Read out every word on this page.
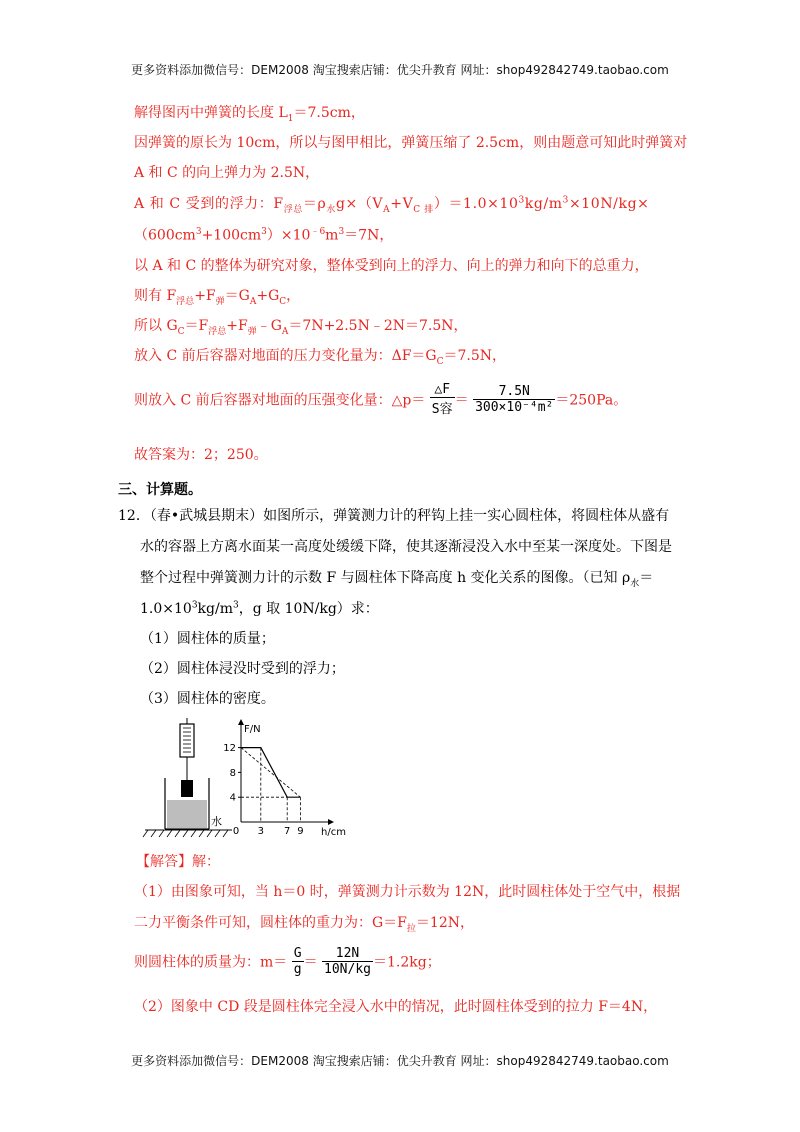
更多资料添加微信号：DEM2008 淘宝搜索店铺：优尖升教育 网址：shop492842749.taobao.com
解得图丙中弹簧的长度 $L_1=7.5cm$，
因弹簧的原长为 10cm，所以与图甲相比，弹簧压缩了 2.5cm，则由题意可知此时弹簧对
A 和 C 的向上弹力为 2.5N，
A 和 C 受到的浮力：$F_{浮总}=\rho_水g\times(V_A+V_{C 排})=1.0\times 10^3kg/m^3\times 10N/kg\times$
$(600cm^3+100cm^3)\times 10^{﹣6}m^3=7N$，
以 A 和 C 的整体为研究对象，整体受到向上的浮力、向上的弹力和向下的总重力，
则有 $F_{浮总}+F_弹=G_A+G_C$，
所以 $G_C=F_{浮总}+F_弹﹣G_A=7N+2.5N﹣2N=7.5N$，
放入 C 前后容器对地面的压力变化量为：$\Delta F=G_C=7.5N$，
则放入 C 前后容器对地面的压强变化量：△p＝ $\frac{\triangle F}{\text{S容}} = \frac{7.5N}{\text{300×10⁻⁴m²}} =250Pa$。
故答案为：2；250。
三、计算题。
12．（春•武城县期末）如图所示，弹簧测力计的秤钩上挂一实心圆柱体，将圆柱体从盛有
水的容器上方离水面某一高度处缓缓下降，使其逐渐浸没入水中至某一深度处。下图是
整个过程中弹簧测力计的示数 F 与圆柱体下降高度 h 变化关系的图像。（已知 $\rho_水=$
$1.0\times 10^3kg/m^3$，g 取 10N/kg）求：
（1）圆柱体的质量；
（2）圆柱体浸没时受到的浮力；
（3）圆柱体的密度。
水
F/N
h/cm
12
8
4
0 3 7 9
【解答】解：
（1）由图象可知，当 h＝0 时，弹簧测力计示数为 12N，此时圆柱体处于空气中，根据
二力平衡条件可知，圆柱体的重力为：$G=F_拉=12N$，
则圆柱体的质量为：$m= \frac{G}{g} = \frac{12N}{10N/kg} =1.2kg$；
（2）图象中 CD 段是圆柱体完全浸入水中的情况，此时圆柱体受到的拉力 F＝4N，
更多资料添加微信号：DEM2008 淘宝搜索店铺：优尖升教育 网址：shop492842749.taobao.com
